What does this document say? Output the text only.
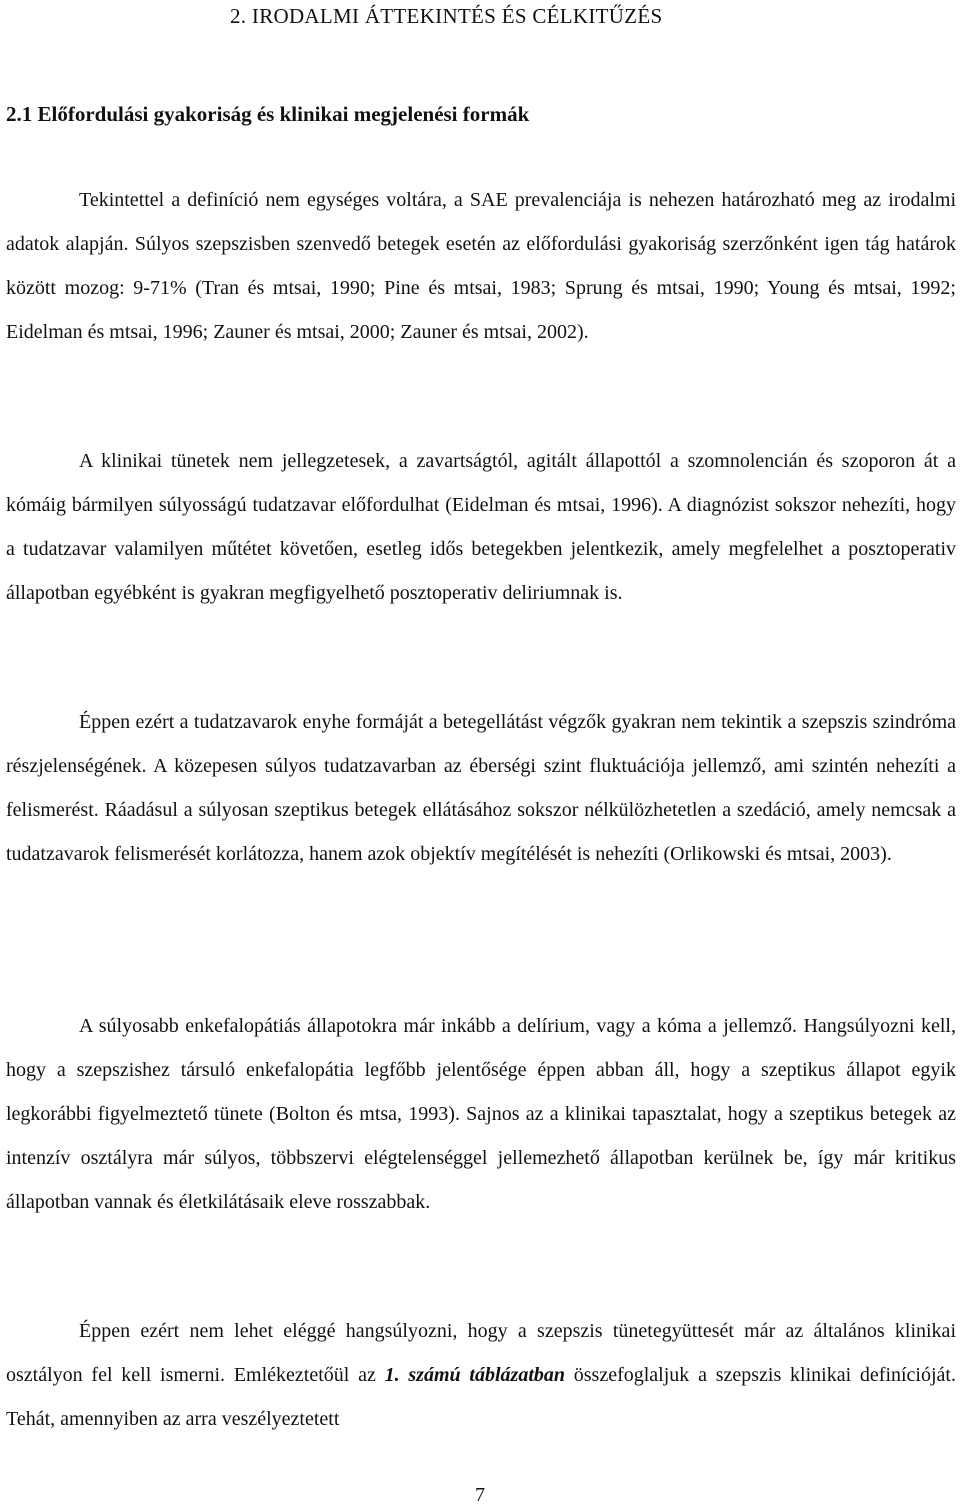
2. IRODALMI ÁTTEKINTÉS ÉS CÉLKITŰZÉS
2.1 Előfordulási gyakoriság és klinikai megjelenési formák

Tekintettel a definíció nem egységes voltára, a SAE prevalenciája is nehezen határozható meg az irodalmi adatok alapján. Súlyos szepszisben szenvedő betegek esetén az előfordulási gyakoriság szerzőnként igen tág határok között mozog: 9-71% (Tran és mtsai, 1990; Pine és mtsai, 1983; Sprung és mtsai, 1990; Young és mtsai, 1992; Eidelman és mtsai, 1996; Zauner és mtsai, 2000; Zauner és mtsai, 2002).

A klinikai tünetek nem jellegzetesek, a zavartságtól, agitált állapottól a szomnolencián és szoporon át a kómáig bármilyen súlyosságú tudatzavar előfordulhat (Eidelman és mtsai, 1996). A diagnózist sokszor nehezíti, hogy a tudatzavar valamilyen műtétet követően, esetleg idős betegekben jelentkezik, amely megfelelhet a posztoperativ állapotban egyébként is gyakran megfigyelhető posztoperativ deliriumnak is.

Éppen ezért a tudatzavarok enyhe formáját a betegellátást végzők gyakran nem tekintik a szepszis szindróma részjelenségének. A közepesen súlyos tudatzavarban az éberségi szint fluktuációja jellemző, ami szintén nehezíti a felismerést. Ráadásul a súlyosan szeptikus betegek ellátásához sokszor nélkülözhetetlen a szedáció, amely nemcsak a tudatzavarok felismerését korlátozza, hanem azok objektív megítélését is nehezíti (Orlikowski és mtsai, 2003).

A súlyosabb enkefalopátiás állapotokra már inkább a delírium, vagy a kóma a jellemző. Hangsúlyozni kell, hogy a szepszishez társuló enkefalopátia legfőbb jelentősége éppen abban áll, hogy a szeptikus állapot egyik legkorábbi figyelmeztető tünete (Bolton és mtsa, 1993). Sajnos az a klinikai tapasztalat, hogy a szeptikus betegek az intenzív osztályra már súlyos, többszervi elégtelenséggel jellemezhető állapotban kerülnek be, így már kritikus állapotban vannak és életkilátásaik eleve rosszabbak.

Éppen ezért nem lehet eléggé hangsúlyozni, hogy a szepszis tünetegyüttesét már az általános klinikai osztályon fel kell ismerni. Emlékeztetőül az 1. számú táblázatban összefoglaljuk a szepszis klinikai definícióját. Tehát, amennyiben az arra veszélyeztetett

7
